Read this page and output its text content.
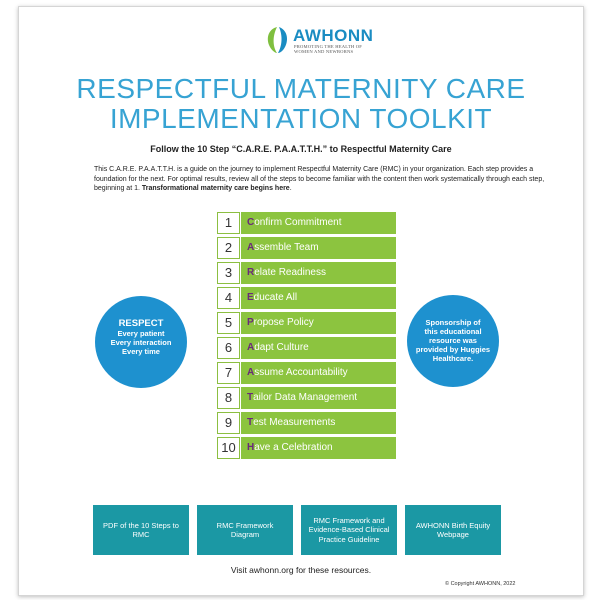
AWHONN
PROMOTING THE HEALTH OF WOMEN AND NEWBORNS
RESPECTFUL MATERNITY CARE
IMPLEMENTATION TOOLKIT
Follow the 10 Step “C.A.R.E. P.A.A.T.T.H.” to Respectful Maternity Care
This C.A.R.E. P.A.A.T.T.H. is a guide on the journey to implement Respectful Maternity Care (RMC) in your organization. Each step provides a foundation for the next. For optimal results, review all of the steps to become familiar with the content then work systematically through each step, beginning at 1. Transformational maternity care begins here.
1	Confirm Commitment
2	Assemble Team
3	Relate Readiness
4	Educate All
5	Propose Policy
6	Adapt Culture
7	Assume Accountability
8	Tailor Data Management
9	Test Measurements
10	Have a Celebration
RESPECT
Every patient
Every interaction
Every time
Sponsorship of
this educational
resource was
provided by Huggies
Healthcare.
PDF of the 10 Steps to RMC
RMC Framework Diagram
RMC Framework and Evidence-Based Clinical Practice Guideline
AWHONN Birth Equity Webpage
Visit awhonn.org for these resources.
© Copyright AWHONN, 2022
